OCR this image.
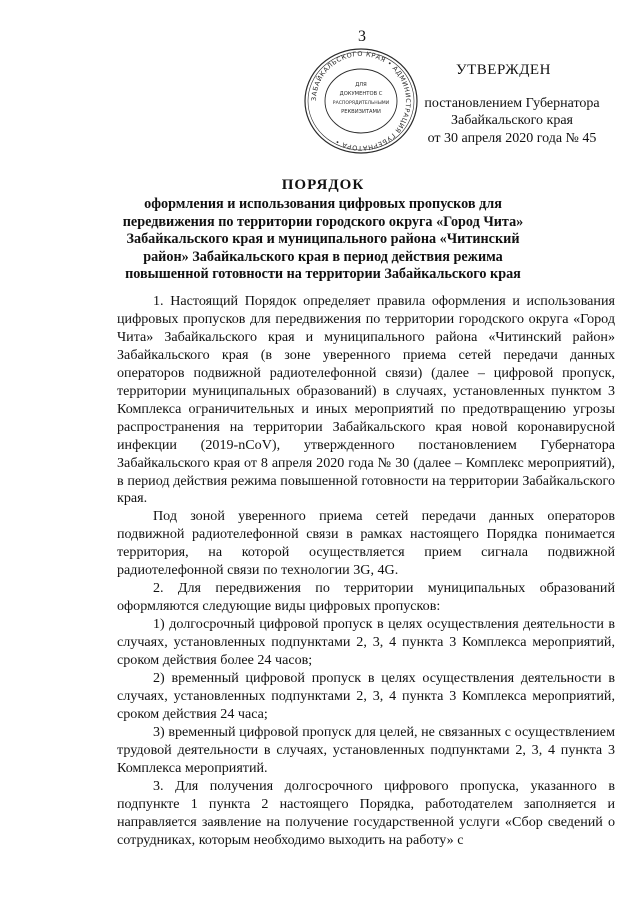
3
ЗАБАЙКАЛЬСКОГО КРАЯ • АДМИНИСТРАЦИЯ ГУБЕРНАТОРА •
ДЛЯ
ДОКУМЕНТОВ С
РАСПОРЯДИТЕЛЬНЫМИ
РЕКВИЗИТАМИ
УТВЕРЖДЕН
постановлением Губернатора
Забайкальского края
от 30 апреля 2020 года № 45
ПОРЯДОК
оформления и использования цифровых пропусков для передвижения по территории городского округа «Город Чита» Забайкальского края и муниципального района «Читинский район» Забайкальского края в период действия режима повышенной готовности на территории Забайкальского края

1. Настоящий Порядок определяет правила оформления и использования цифровых пропусков для передвижения по территории городского округа «Город Чита» Забайкальского края и муниципального района «Читинский район» Забайкальского края (в зоне уверенного приема сетей передачи данных операторов подвижной радиотелефонной связи) (далее – цифровой пропуск, территории муниципальных образований) в случаях, установленных пунктом 3 Комплекса ограничительных и иных мероприятий по предотвращению угрозы распространения на территории Забайкальского края новой коронавирусной инфекции (2019-nCoV), утвержденного постановлением Губернатора Забайкальского края от 8 апреля 2020 года № 30 (далее – Комплекс мероприятий), в период действия режима повышенной готовности на территории Забайкальского края.

Под зоной уверенного приема сетей передачи данных операторов подвижной радиотелефонной связи в рамках настоящего Порядка понимается территория, на которой осуществляется прием сигнала подвижной радиотелефонной связи по технологии 3G, 4G.

2. Для передвижения по территории муниципальных образований оформляются следующие виды цифровых пропусков:

1) долгосрочный цифровой пропуск в целях осуществления деятельности в случаях, установленных подпунктами 2, 3, 4 пункта 3 Комплекса мероприятий, сроком действия более 24 часов;

2) временный цифровой пропуск в целях осуществления деятельности в случаях, установленных подпунктами 2, 3, 4 пункта 3 Комплекса мероприятий, сроком действия 24 часа;

3) временный цифровой пропуск для целей, не связанных с осуществлением трудовой деятельности в случаях, установленных подпунктами 2, 3, 4 пункта 3 Комплекса мероприятий.

3. Для получения долгосрочного цифрового пропуска, указанного в подпункте 1 пункта 2 настоящего Порядка, работодателем заполняется и направляется заявление на получение государственной услуги «Сбор сведений о сотрудниках, которым необходимо выходить на работу» с
